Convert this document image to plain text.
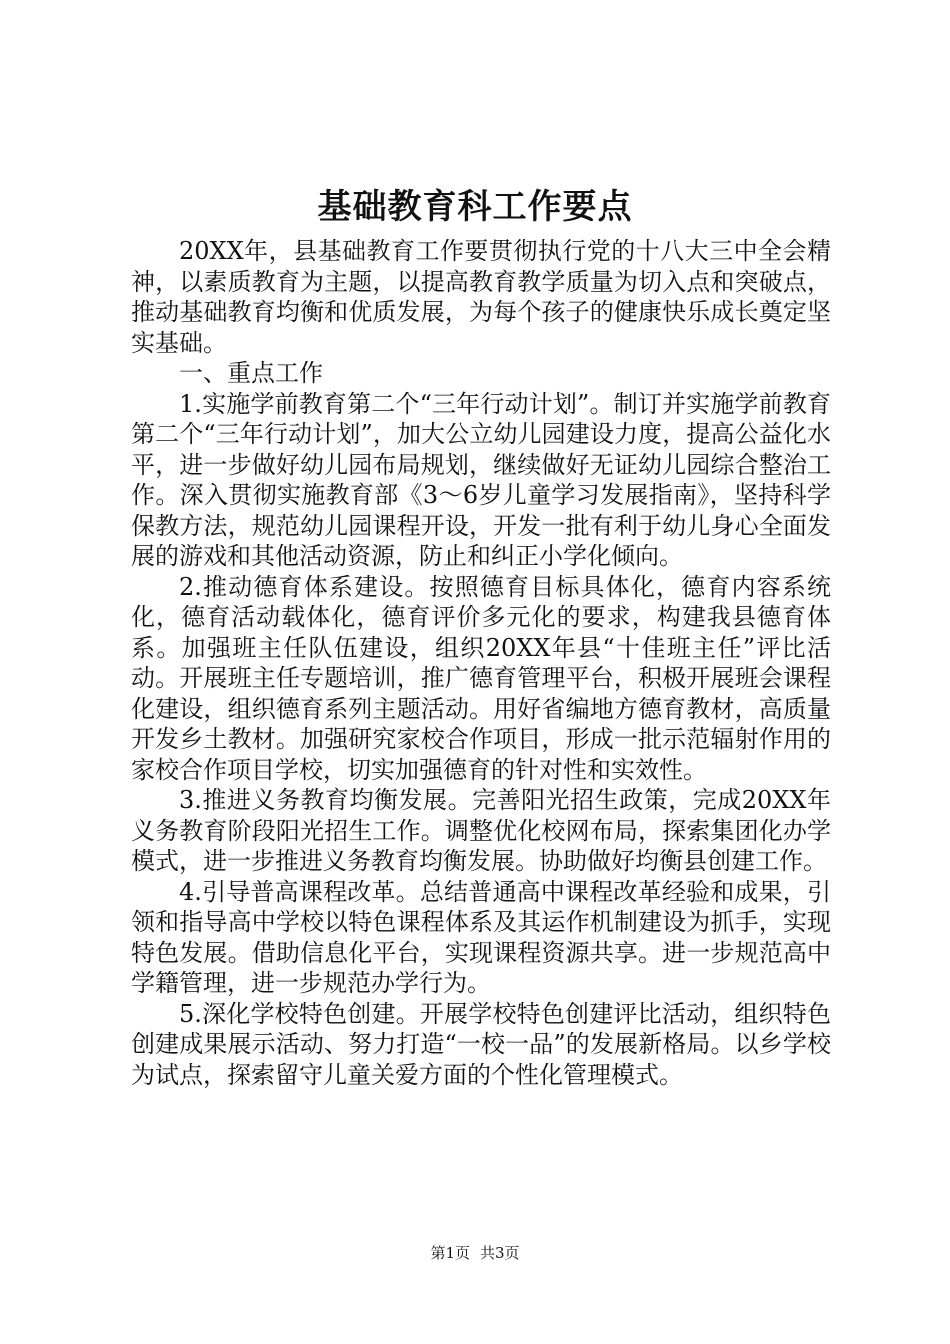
基础教育科工作要点

20XX年，县基础教育工作要贯彻执行党的十八大三中全会精神，以素质教育为主题，以提高教育教学质量为切入点和突破点，推动基础教育均衡和优质发展，为每个孩子的健康快乐成长奠定坚实基础。

一、重点工作

1.实施学前教育第二个“三年行动计划”。制订并实施学前教育第二个“三年行动计划”，加大公立幼儿园建设力度，提高公益化水平，进一步做好幼儿园布局规划，继续做好无证幼儿园综合整治工作。深入贯彻实施教育部《3～6岁儿童学习发展指南》，坚持科学保教方法，规范幼儿园课程开设，开发一批有利于幼儿身心全面发展的游戏和其他活动资源，防止和纠正小学化倾向。

2.推动德育体系建设。按照德育目标具体化，德育内容系统化，德育活动载体化，德育评价多元化的要求，构建我县德育体系。加强班主任队伍建设，组织20XX年县“十佳班主任”评比活动。开展班主任专题培训，推广德育管理平台，积极开展班会课程化建设，组织德育系列主题活动。用好省编地方德育教材，高质量开发乡土教材。加强研究家校合作项目，形成一批示范辐射作用的家校合作项目学校，切实加强德育的针对性和实效性。

3.推进义务教育均衡发展。完善阳光招生政策，完成20XX年义务教育阶段阳光招生工作。调整优化校网布局，探索集团化办学模式，进一步推进义务教育均衡发展。协助做好均衡县创建工作。

4.引导普高课程改革。总结普通高中课程改革经验和成果，引领和指导高中学校以特色课程体系及其运作机制建设为抓手，实现特色发展。借助信息化平台，实现课程资源共享。进一步规范高中学籍管理，进一步规范办学行为。

5.深化学校特色创建。开展学校特色创建评比活动，组织特色创建成果展示活动、努力打造“一校一品”的发展新格局。以乡学校为试点，探索留守儿童关爱方面的个性化管理模式。

第1页 共3页
